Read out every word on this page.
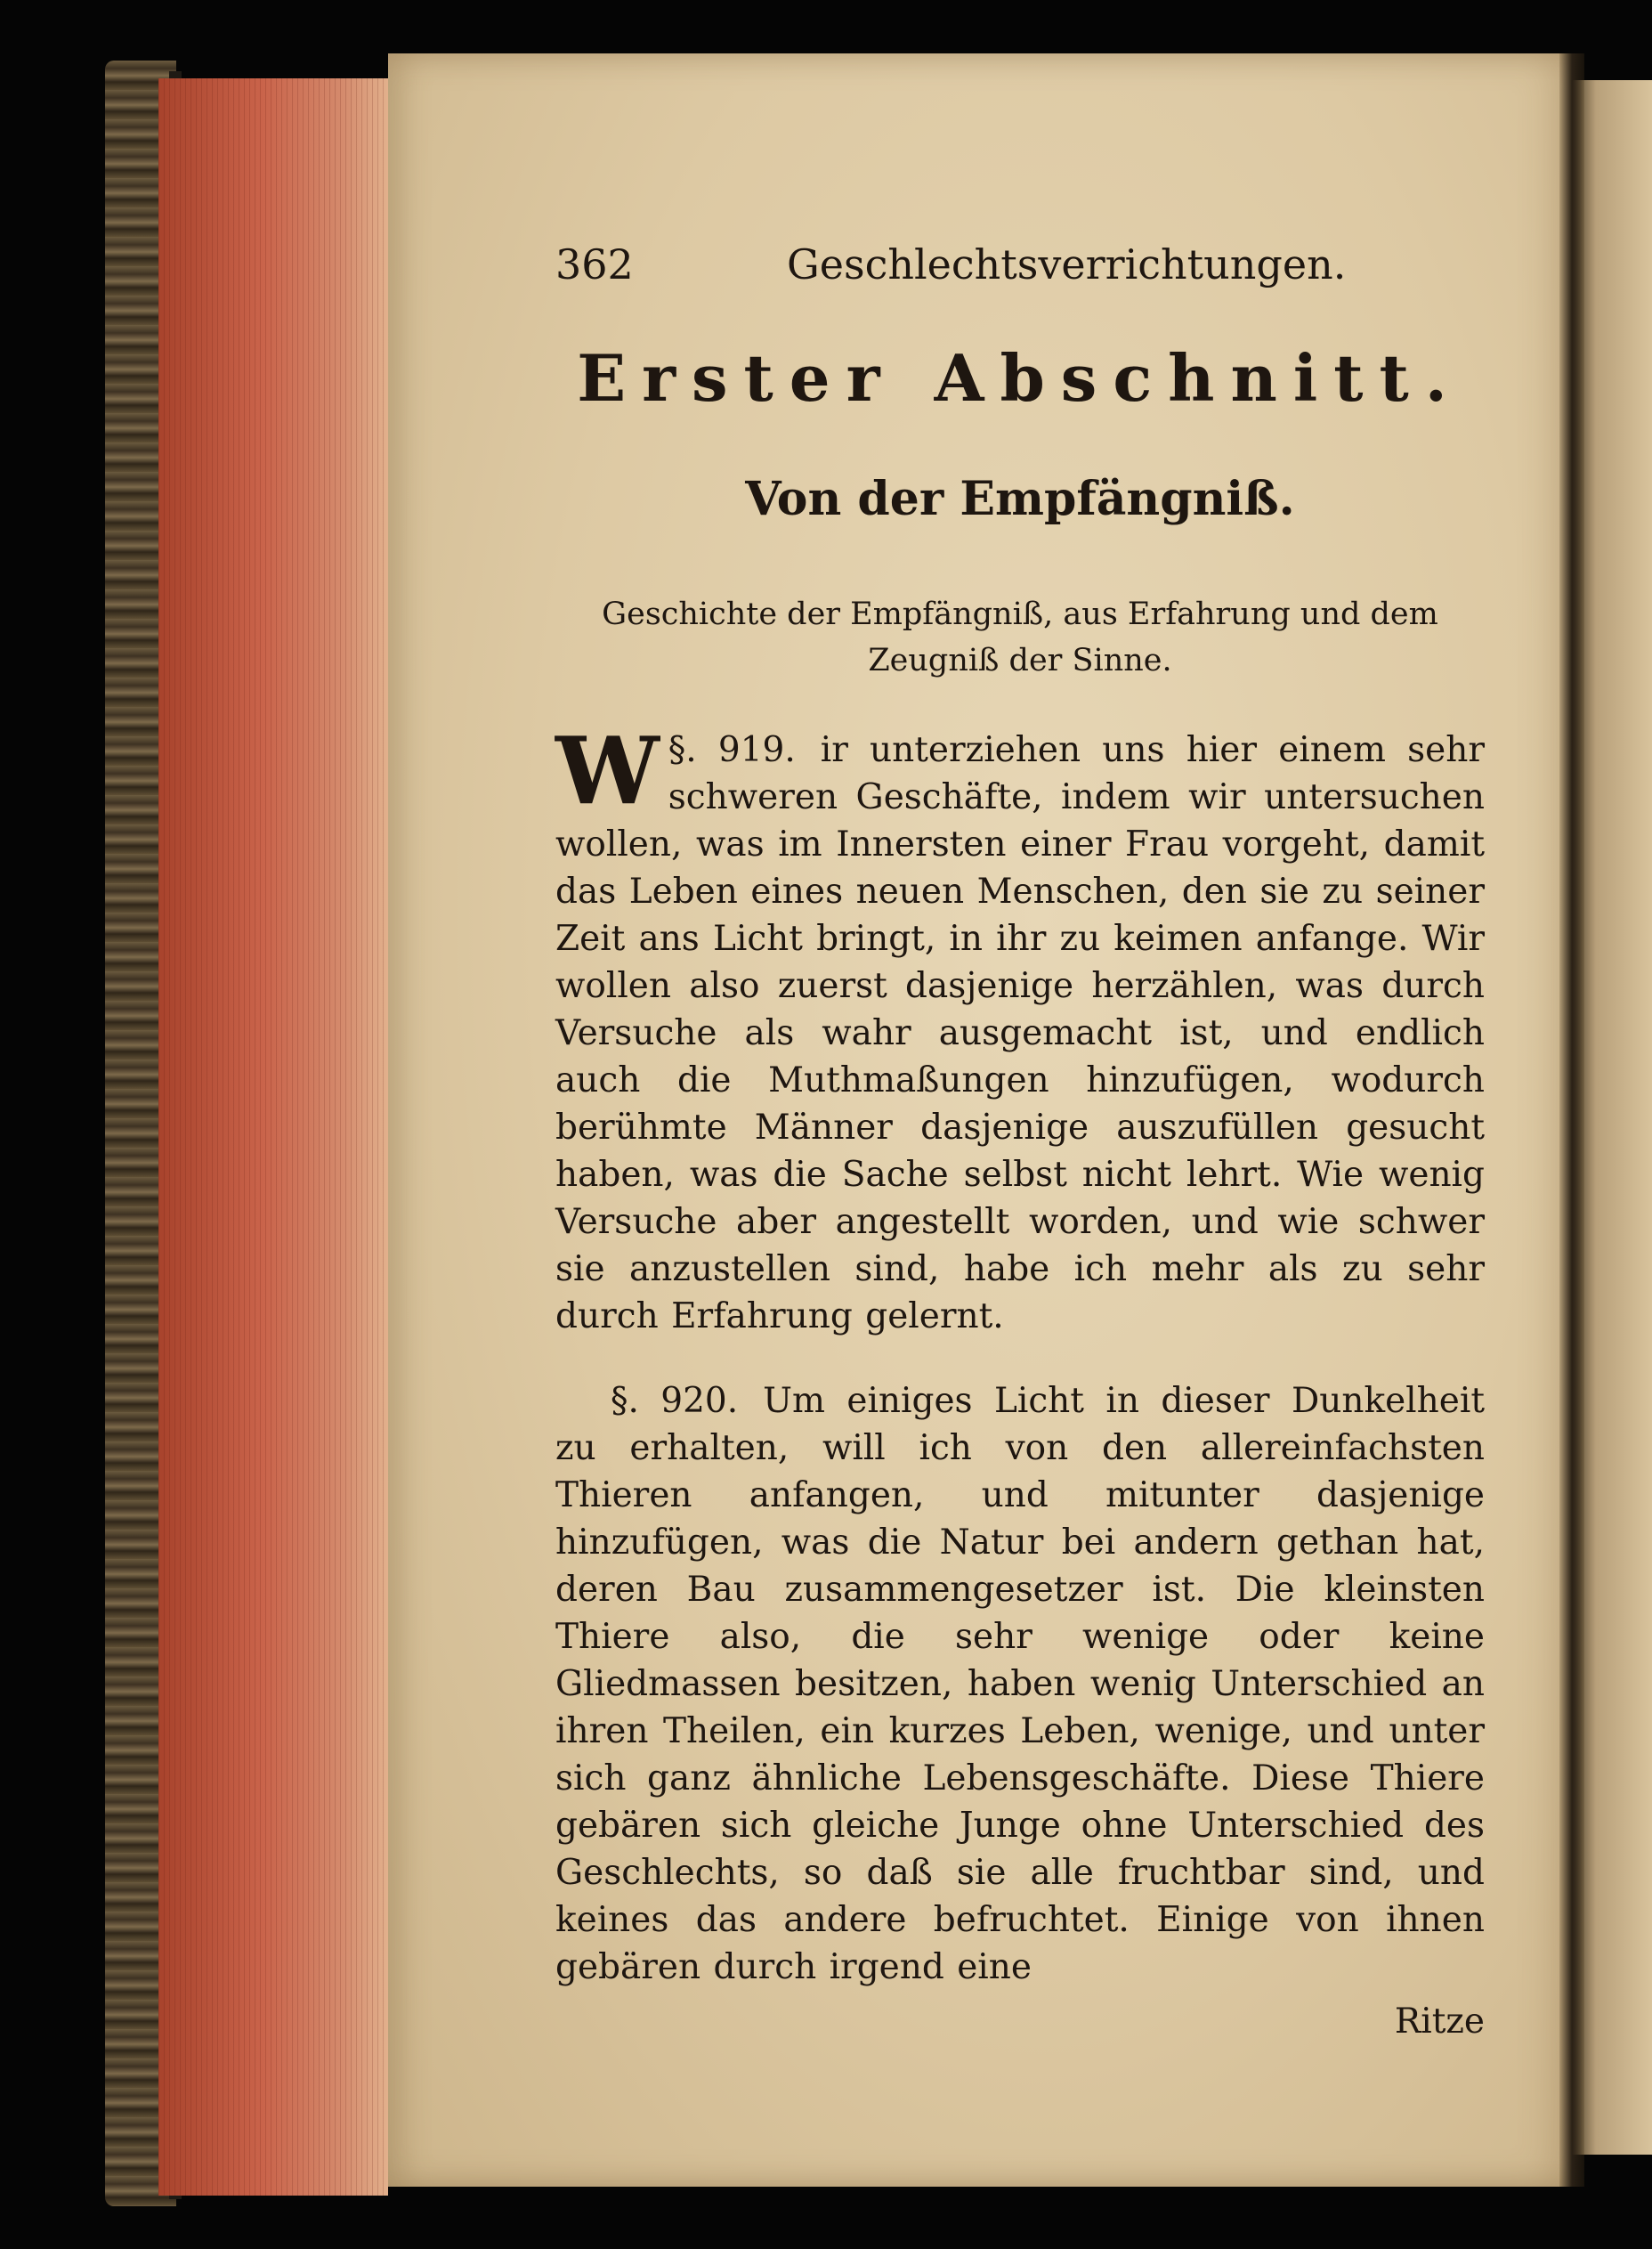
362	Geschlechtsverrichtungen.
Erster Abschnitt.
Von der Empfängniß.
Geschichte der Empfängniß, aus Erfahrung und dem Zeugniß der Sinne.

§. 919.
W	ir unterziehen uns hier einem sehr schweren Geschäfte, indem wir untersuchen wollen, was im Innersten einer Frau vorgeht, damit das Leben eines neuen Menschen, den sie zu seiner Zeit ans Licht bringt, in ihr zu keimen anfange. Wir wollen also zuerst dasjenige herzählen, was durch Versuche als wahr ausgemacht ist, und endlich auch die Muthmaßungen hinzufügen, wodurch berühmte Männer dasjenige auszufüllen gesucht haben, was die Sache selbst nicht lehrt. Wie wenig Versuche aber angestellt worden, und wie schwer sie anzustellen sind, habe ich mehr als zu sehr durch Erfahrung gelernt.

§. 920. Um einiges Licht in dieser Dunkelheit zu erhalten, will ich von den allereinfachsten Thieren anfangen, und mitunter dasjenige hinzufügen, was die Natur bei andern gethan hat, deren Bau zusammengesetzer ist. Die kleinsten Thiere also, die sehr wenige oder keine Gliedmassen besitzen, haben wenig Unterschied an ihren Theilen, ein kurzes Leben, wenige, und unter sich ganz ähnliche Lebensgeschäfte. Diese Thiere gebären sich gleiche Junge ohne Unterschied des Geschlechts, so daß sie alle fruchtbar sind, und keines das andere befruchtet. Einige von ihnen gebären durch irgend eine

Ritze
